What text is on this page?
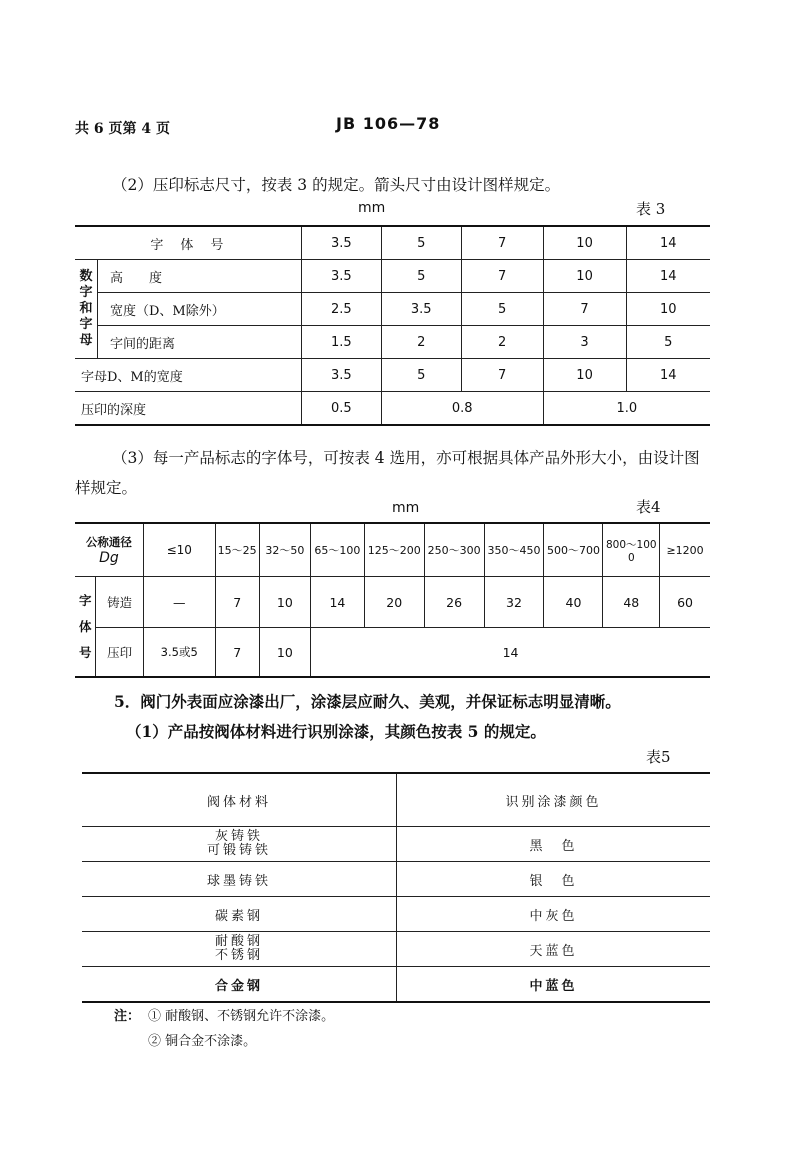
共 6 页第 4 页	JB 106—78
（2）压印标志尺寸，按表 3 的规定。箭头尺寸由设计图样规定。
mm	表 3
字　体　号		3.5	5	7	10	14
数字和字母	高　　度	3.5	5	7	10	14
	宽度（D、M除外）	2.5	3.5	5	7	10
	字间的距离	1.5	2	2	3	5
字母D、M的宽度		3.5	5	7	10	14
压印的深度		0.5	0.8		1.0	
（3）每一产品标志的字体号，可按表 4 选用，亦可根据具体产品外形大小，由设计图样规定。
mm	表4
公称通径
Dg		≤10	15～25	32～50	65～100	125～200	250～300	350～450	500～700	800～1000	≥1200
字体号	铸造	—	7	10	14	20	26	32	40	48	60
	压印	3.5或5	7	10	14						
5．阀门外表面应涂漆出厂，涂漆层应耐久、美观，并保证标志明显清晰。
（1）产品按阀体材料进行识别涂漆，其颜色按表 5 的规定。
表5
阀体材料	识别涂漆颜色
灰铸铁
可锻铸铁	黑　色
球墨铸铁	银　色
碳素钢	中灰色
耐酸钢
不锈钢	天蓝色
合金钢	中蓝色
注： ① 耐酸钢、不锈钢允许不涂漆。
② 铜合金不涂漆。
